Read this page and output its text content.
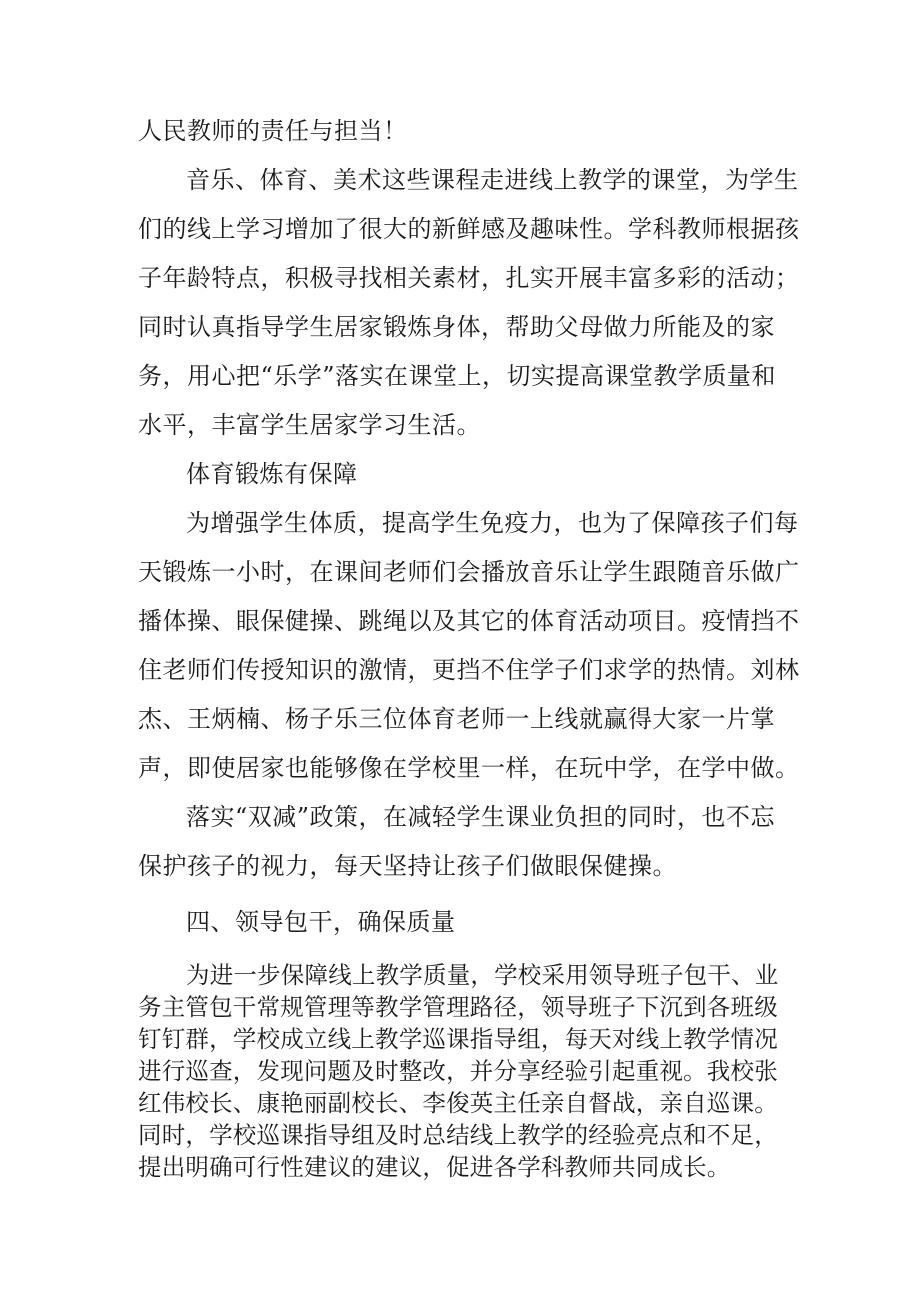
人民教师的责任与担当！
音乐、体育、美术这些课程走进线上教学的课堂，为学生
们的线上学习增加了很大的新鲜感及趣味性。学科教师根据孩
子年龄特点，积极寻找相关素材，扎实开展丰富多彩的活动；
同时认真指导学生居家锻炼身体，帮助父母做力所能及的家
务，用心把“乐学”落实在课堂上，切实提高课堂教学质量和
水平，丰富学生居家学习生活。
体育锻炼有保障
为增强学生体质，提高学生免疫力，也为了保障孩子们每
天锻炼一小时，在课间老师们会播放音乐让学生跟随音乐做广
播体操、眼保健操、跳绳以及其它的体育活动项目。疫情挡不
住老师们传授知识的激情，更挡不住学子们求学的热情。刘林
杰、王炳楠、杨子乐三位体育老师一上线就赢得大家一片掌
声，即使居家也能够像在学校里一样，在玩中学，在学中做。
落实“双减”政策，在减轻学生课业负担的同时，也不忘
保护孩子的视力，每天坚持让孩子们做眼保健操。
四、领导包干，确保质量
为进一步保障线上教学质量，学校采用领导班子包干、业
务主管包干常规管理等教学管理路径，领导班子下沉到各班级
钉钉群，学校成立线上教学巡课指导组，每天对线上教学情况
进行巡查，发现问题及时整改，并分享经验引起重视。我校张
红伟校长、康艳丽副校长、李俊英主任亲自督战，亲自巡课。
同时，学校巡课指导组及时总结线上教学的经验亮点和不足，
提出明确可行性建议的建议，促进各学科教师共同成长。
